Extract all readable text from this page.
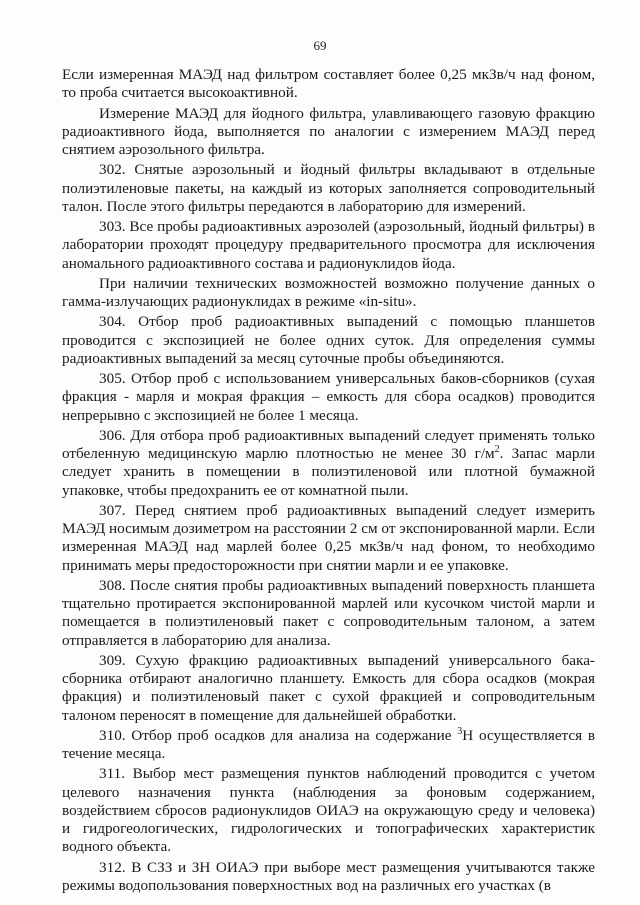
69

Если измеренная МАЭД над фильтром составляет более 0,25 мкЗв/ч над фоном, то проба считается высокоактивной.

Измерение МАЭД для йодного фильтра, улавливающего газовую фракцию радиоактивного йода, выполняется по аналогии с измерением МАЭД перед снятием аэрозольного фильтра.

302. Снятые аэрозольный и йодный фильтры вкладывают в отдельные полиэтиленовые пакеты, на каждый из которых заполняется сопроводительный талон. После этого фильтры передаются в лабораторию для измерений.

303. Все пробы радиоактивных аэрозолей (аэрозольный, йодный фильтры) в лаборатории проходят процедуру предварительного просмотра для исключения аномального радиоактивного состава и радионуклидов йода.

При наличии технических возможностей возможно получение данных о гамма-излучающих радионуклидах в режиме «in-situ».

304. Отбор проб радиоактивных выпадений с помощью планшетов проводится с экспозицией не более одних суток. Для определения суммы радиоактивных выпадений за месяц суточные пробы объединяются.

305. Отбор проб с использованием универсальных баков-сборников (сухая фракция - марля и мокрая фракция – емкость для сбора осадков) проводится непрерывно с экспозицией не более 1 месяца.

306. Для отбора проб радиоактивных выпадений следует применять только отбеленную медицинскую марлю плотностью не менее 30 $г/м^2$. Запас марли следует хранить в помещении в полиэтиленовой или плотной бумажной упаковке, чтобы предохранить ее от комнатной пыли.

307. Перед снятием проб радиоактивных выпадений следует измерить МАЭД носимым дозиметром на расстоянии 2 см от экспонированной марли. Если измеренная МАЭД над марлей более 0,25 мкЗв/ч над фоном, то необходимо принимать меры предосторожности при снятии марли и ее упаковке.

308. После снятия пробы радиоактивных выпадений поверхность планшета тщательно протирается экспонированной марлей или кусочком чистой марли и помещается в полиэтиленовый пакет с сопроводительным талоном, а затем отправляется в лабораторию для анализа.

309. Сухую фракцию радиоактивных выпадений универсального бака-сборника отбирают аналогично планшету. Емкость для сбора осадков (мокрая фракция) и полиэтиленовый пакет с сухой фракцией и сопроводительным талоном переносят в помещение для дальнейшей обработки.

310. Отбор проб осадков для анализа на содержание $^3$Н осуществляется в течение месяца.

311. Выбор мест размещения пунктов наблюдений проводится с учетом целевого назначения пункта (наблюдения за фоновым содержанием, воздействием сбросов радионуклидов ОИАЭ на окружающую среду и человека) и гидрогеологических, гидрологических и топографических характеристик водного объекта.

312. В СЗЗ и ЗН ОИАЭ при выборе мест размещения учитываются также режимы водопользования поверхностных вод на различных его участках (в
